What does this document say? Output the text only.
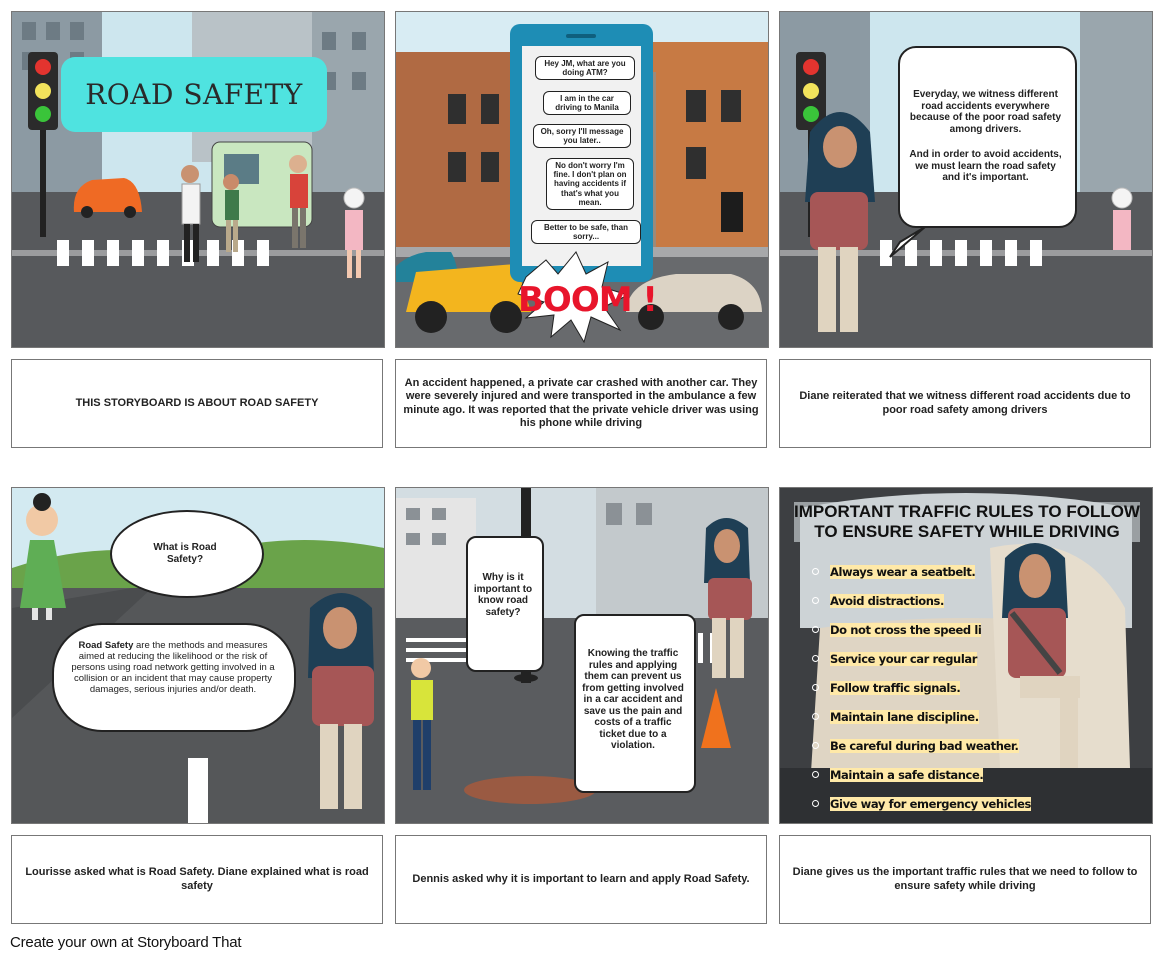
ROAD SAFETY
THIS STORYBOARD IS ABOUT ROAD SAFETY
Hey JM, what are you doing ATM?
I am in the car driving to Manila
Oh, sorry I'll message you later..
No don't worry I'm fine. I don't plan on having accidents if that's what you mean.
Better to be safe, than sorry...
BOOM !
An accident happened, a private car crashed with another car. They were severely injured and were transported in the ambulance a few minute ago. It was reported that the private vehicle driver was using his phone while driving
Everyday, we witness different road accidents everywhere because of the poor road safety among drivers.
And in order to avoid accidents, we must learn the road safety and it's important.
Diane reiterated that we witness different road accidents due to poor road safety among drivers
What is Road Safety?
Road Safety are the methods and measures aimed at reducing the likelihood or the risk of persons using road network getting involved in a collision or an incident that may cause property damages, serious injuries and/or death.
Lourisse asked what is Road Safety. Diane explained what is road safety
Why is it important to know road safety?
Knowing the traffic rules and applying them can prevent us from getting involved in a car accident and save us the pain and costs of a traffic ticket due to a violation.
Dennis asked why it is important to learn and apply Road Safety.
IMPORTANT TRAFFIC RULES TO FOLLOW TO ENSURE SAFETY WHILE DRIVING
Always wear a seatbelt.
Avoid distractions.
Do not cross the speed li
Service your car regular
Follow traffic signals.
Maintain lane discipline.
Be careful during bad weather.
Maintain a safe distance.
Give way for emergency vehicles
Diane gives us the important traffic rules that we need to follow to ensure safety while driving
Create your own at Storyboard That
